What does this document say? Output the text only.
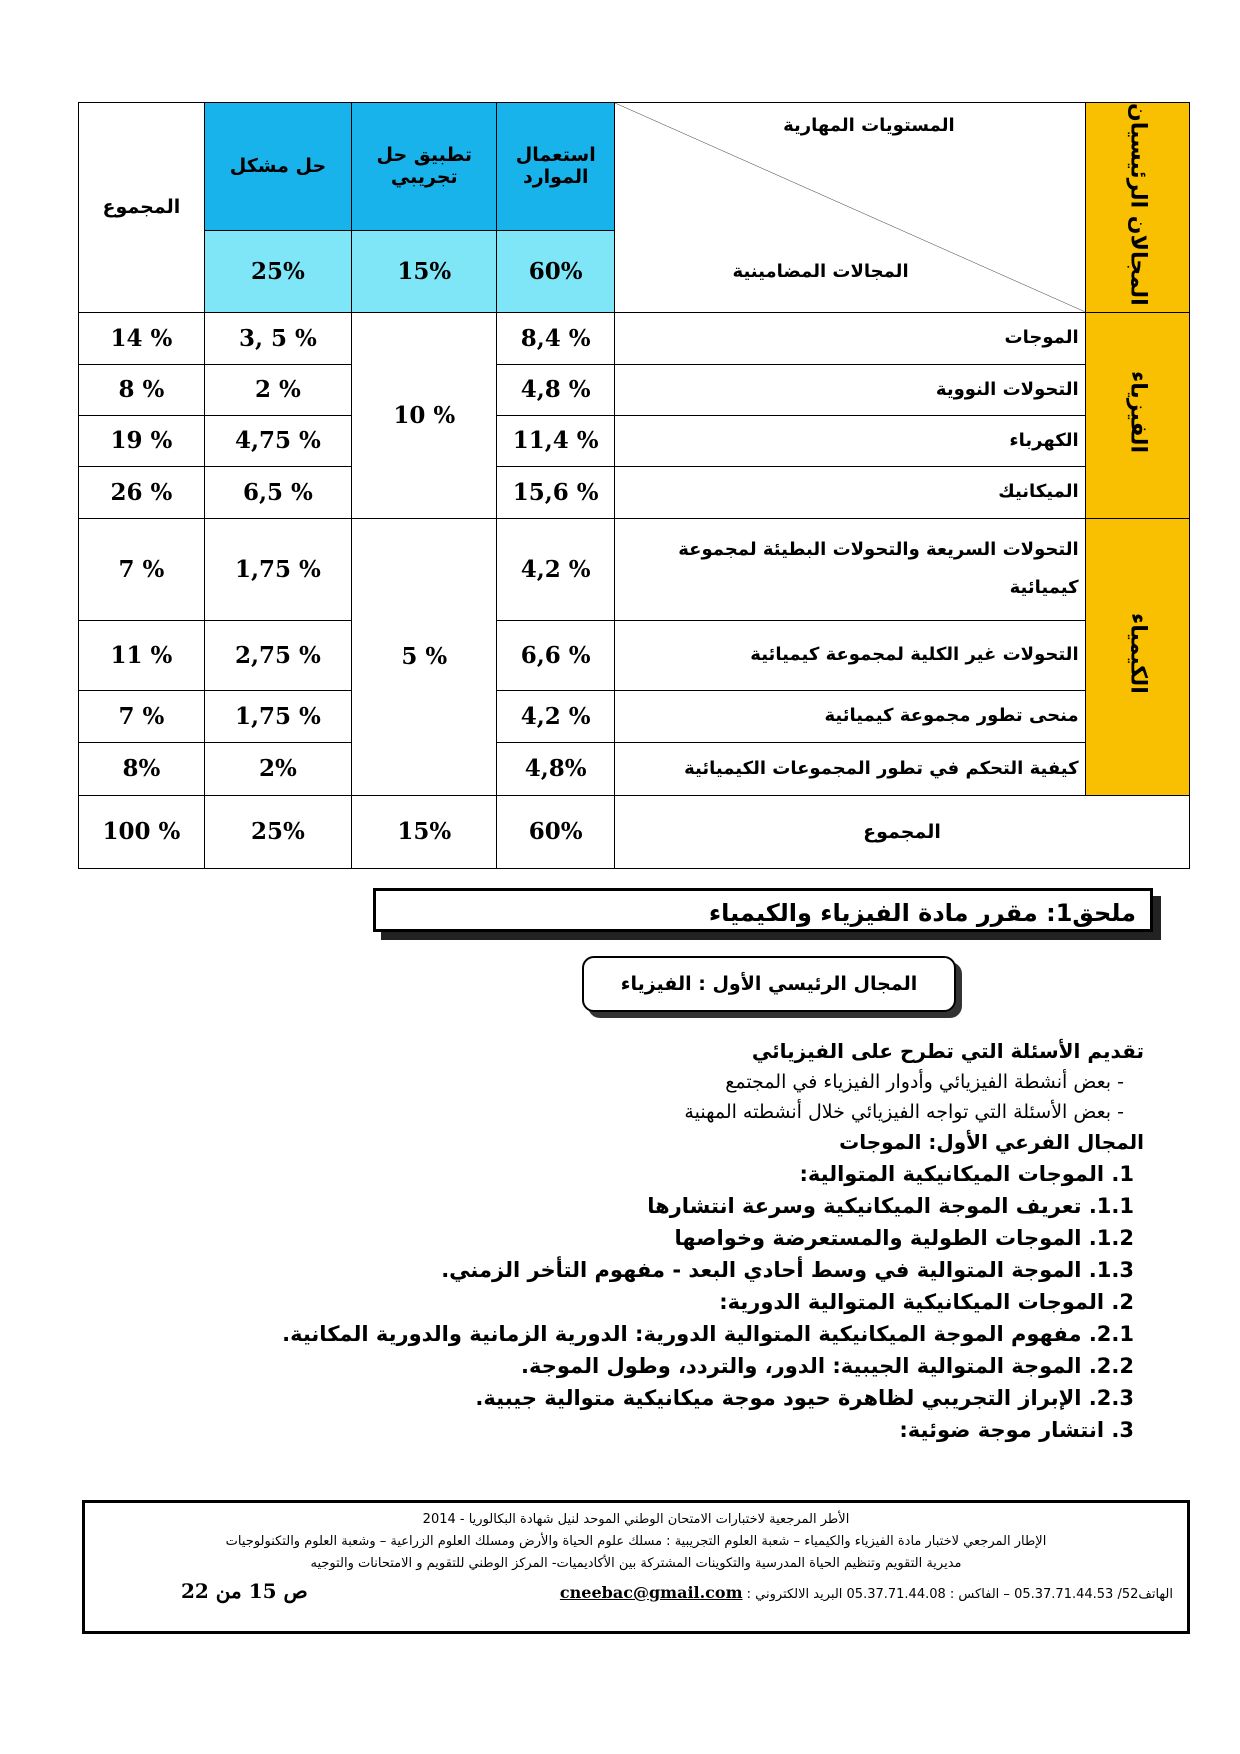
المجموع	حل مشكل	تطبيق حل تجريبي	استعمال الموارد	المستويات المهارية
المجالات المضامينية	المجالان الرئيسيان
	25%	15%	60%		
14 %	3, 5 %	10 %	8,4 %	الموجات	الفيزياء
8 %	2 %		4,8 %	التحولات النووية	
19 %	4,75 %		11,4 %	الكهرباء	
26 %	6,5 %		15,6 %	الميكانيك	
7 %	1,75 %	5 %	4,2 %	التحولات السريعة والتحولات البطيئة لمجموعة كيميائية	الكيمياء
11 %	2,75 %		6,6 %	التحولات غير الكلية لمجموعة كيميائية	
7 %	1,75 %		4,2 %	منحى تطور مجموعة كيميائية	
8%	2%		4,8%	كيفية التحكم في تطور المجموعات الكيميائية	
100 %	25%	15%	60%	المجموع	
ملحق1: مقرر مادة الفيزياء والكيمياء
المجال الرئيسي الأول : الفيزياء

تقديم الأسئلة التي تطرح على الفيزيائي

- بعض أنشطة الفيزيائي وأدوار الفيزياء في المجتمع

- بعض الأسئلة التي تواجه الفيزيائي خلال أنشطته المهنية

المجال الفرعي الأول: الموجات

1. الموجات الميكانيكية المتوالية:

1.1. تعريف الموجة الميكانيكية وسرعة انتشارها

1.2. الموجات الطولية والمستعرضة وخواصها

1.3. الموجة المتوالية في وسط أحادي البعد - مفهوم التأخر الزمني.

2. الموجات الميكانيكية المتوالية الدورية:

2.1. مفهوم الموجة الميكانيكية المتوالية الدورية: الدورية الزمانية والدورية المكانية.

2.2. الموجة المتوالية الجيبية: الدور، والتردد، وطول الموجة.

2.3. الإبراز التجريبي لظاهرة حيود موجة ميكانيكية متوالية جيبية.

3. انتشار موجة ضوئية:

الأطر المرجعية لاختبارات الامتحان الوطني الموحد لنيل شهادة البكالوريا - 2014
الإطار المرجعي لاختبار مادة الفيزياء والكيمياء – شعبة العلوم التجريبية : مسلك علوم الحياة والأرض ومسلك العلوم الزراعية – وشعبة العلوم والتكنولوجيات
مديرية التقويم وتنظيم الحياة المدرسية والتكوينات المشتركة بين الأكاديميات- المركز الوطني للتقويم و الامتحانات والتوجيه
الهاتف52/ 05.37.71.44.53 – الفاكس : 05.37.71.44.08 البريد الالكتروني : cneebac@gmail.com
ص 15 من 22
